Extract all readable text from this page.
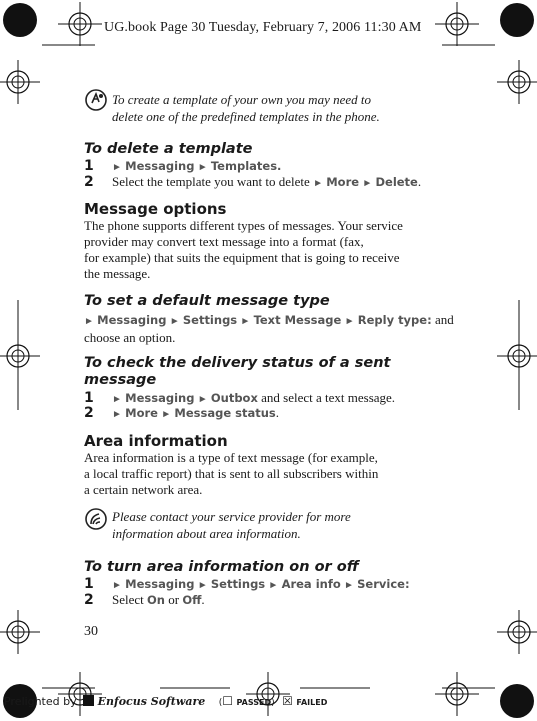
UG.book Page 30 Tuesday, February 7, 2006 11:30 AM
To create a template of your own you may need to
delete one of the predefined templates in the phone.
To delete a template
1	► Messaging ► Templates.
2	Select the template you want to delete ► More ► Delete.
Message options
The phone supports different types of messages. Your service
provider may convert text message into a format (fax,
for example) that suits the equipment that is going to receive
the message.
To set a default message type
►
Messaging
►
Settings
►
Text Message
►
Reply type:
and
choose an option.
To check the delivery status of a sent
message
1	► Messaging ► Outbox and select a text message.
2	► More ► Message status.
Area information
Area information is a type of text message (for example,
a local traffic report) that is sent to all subscribers within
a certain network area.
Please contact your service provider for more
information about area information.
To turn area information on or off
1	► Messaging ► Settings ► Area info ► Service:
2	Select On or Off.
30
Prelighted by Enfocus Software (☐ PASSED) ☒ FAILED
